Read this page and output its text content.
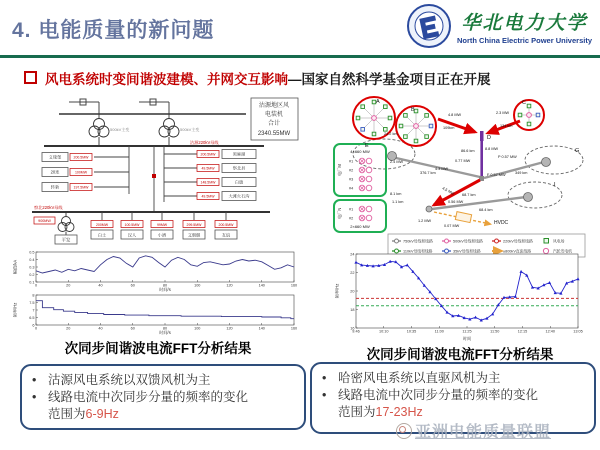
4. 电能质量的新问题	华北电力大学
North China Electric Power University
风电系统时变间谐波建模、并网交互影响—国家自然科学基金项目正在开展
沽源地区风
电装机
合计
2340.55MW
500kV主变	500kV主变
沽源220kV母线
察北220kV母线
900MW
平发
200.5MW
义缘堡
100MW
20连
197.5MW
转新
200.5MW	黑麻湖
49.5MW	察北县
148.5MW	白旗
49.5MW	大滩火石沟
200MW
白土
100.5MW
汉人
99MW
小洒
299.5MW
文朝继
200.5MW
友谊
0.1
0.2
0.3
0.4
0.5
0	20	40	60	80	100	120	140	160
时间/s
幅值/kA
6
6.5
7
7.5
8
0	20	40	60	80	100	120	140	160
时间/s
频率/Hz
次同步间谐波电流FFT分析结果
#1
#2
#3
#4
#1
#2
A
B
C
D
E
G
I
24.2 km
4.8 MW
109km
2.3 MW
134 km
86.6 km	8.8 MW
0.77 MW
F 0.57 MW
P 0.57 MW
376.7 km	349 km
4.5 MW 68.7 km
2.4 MW
4.3 MW
8.1 km
1.1 km	0.56 MW
68.4 km
1.2 MW
0.07 MW	HVDC
4×660 MW
2×660 MW
电厂M
电厂N
750kV母线和线路	500kV母线和线路	220kV母线和线路	风电场
110kV母线和线路	35kV母线和线路	±800kV直流线路	汽轮发电机
16
18
20
22
24
9:46	10:10	10:35	11:00	11:25	11:50	12:15	12:40	13:05
时间
频率/Hz
次同步间谐波电流FFT分析结果
• 沽源风电系统以双馈风机为主
• 线路电流中次同步分量的频率的变化
范围为 6-9Hz
• 哈密风电系统以直驱风机为主
• 线路电流中次同步分量的频率的变化
范围为 17-23Hz
亚洲电能质量联盟
